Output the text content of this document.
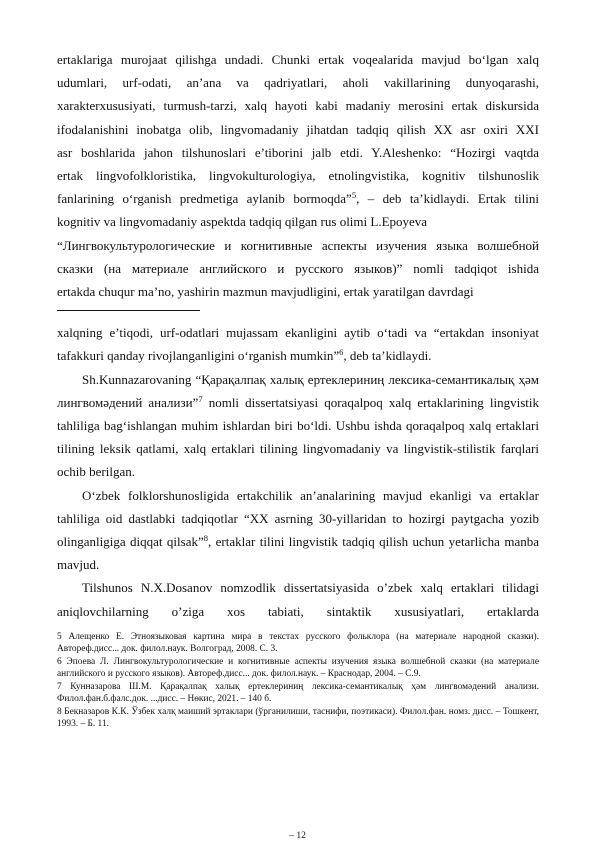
ertaklariga murojaat qilishga undadi. Chunki ertak voqealarida mavjud bo‘lgan xalq

udumlari, urf-odati, an’ana va qadriyatlari, aholi vakillarining dunyoqarashi,

xarakterxususiyati, turmush-tarzi, xalq hayoti kabi madaniy merosini ertak diskursida

ifodalanishini inobatga olib, lingvomadaniy jihatdan tadqiq qilish XX asr oxiri XXI

asr boshlarida jahon tilshunoslari e’tiborini jalb etdi. Y.Aleshenko: “Hozirgi vaqtda

ertak lingvofolkloristika, lingvokulturologiya, etnolingvistika, kognitiv tilshunoslik

fanlarining o‘rganish predmetiga aylanib bormoqda”$^5$, – deb ta’kidlaydi. Ertak tilini

kognitiv va lingvomadaniy aspektda tadqiq qilgan rus olimi L.Epoyeva

“Лингвокультурологические и когнитивные аспекты изучения языка волшебной

сказки (на материале английского и русского языков)” nomli tadqiqot ishida

ertakda chuqur ma’no, yashirin mazmun mavjudligini, ertak yaratilgan davrdagi

xalqning e’tiqodi, urf-odatlari mujassam ekanligini aytib o‘tadi va “ertakdan insoniyat tafakkuri qanday rivojlanganligini o‘rganish mumkin”$^6$, deb ta’kidlaydi.

Sh.Kunnazarovaning “Қарақалпақ халық ертеклериниң лексика-семантикалық ҳәм лингвомәдений анализи”$^7$ nomli dissertatsiyasi qoraqalpoq xalq ertaklarining lingvistik tahliliga bag‘ishlangan muhim ishlardan biri bo‘ldi. Ushbu ishda qoraqalpoq xalq ertaklari tilining leksik qatlami, xalq ertaklari tilining lingvomadaniy va lingvistik-stilistik farqlari ochib berilgan.

O‘zbek folklorshunosligida ertakchilik an’analarining mavjud ekanligi va ertaklar tahliliga oid dastlabki tadqiqotlar “XX asrning 30-yillaridan to hozirgi paytgacha yozib olinganligiga diqqat qilsak”$^8$, ertaklar tilini lingvistik tadqiq qilish uchun yetarlicha manba mavjud.

Tilshunos N.X.Dosanov nomzodlik dissertatsiyasida o’zbek xalq ertaklari tilidagi aniqlovchilarning o’ziga xos tabiati, sintaktik xususiyatlari, ertaklarda

5 Алещенко Е. Этноязыковая картина мира в текстах русского фольклора (на материале народной сказки). Автореф.дисс... док. филол.наук. Волгоград, 2008. С. 3.

6 Эпоева Л. Лингвокультурологические и когнитивные аспекты изучения языка волшебной сказки (на материале английского и русского языков). Автореф.дисс... док. филол.наук. – Краснодар, 2004. – С.9.

7 Кунназарова Ш.М. Қарақалпақ халық ертеклериниң лексика-семантикалық ҳәм лингвомәдений анализи. Филол.фан.б.фалс.док. ...дисс. – Нөкис, 2021. – 140 б.

8 Бекназаров К.К. Ўзбек халқ маиший эртаклари (ўрганилиши, таснифи, поэтикаси). Филол.фан. номз. дисс. – Тошкент, 1993. – Б. 11.

– 12
